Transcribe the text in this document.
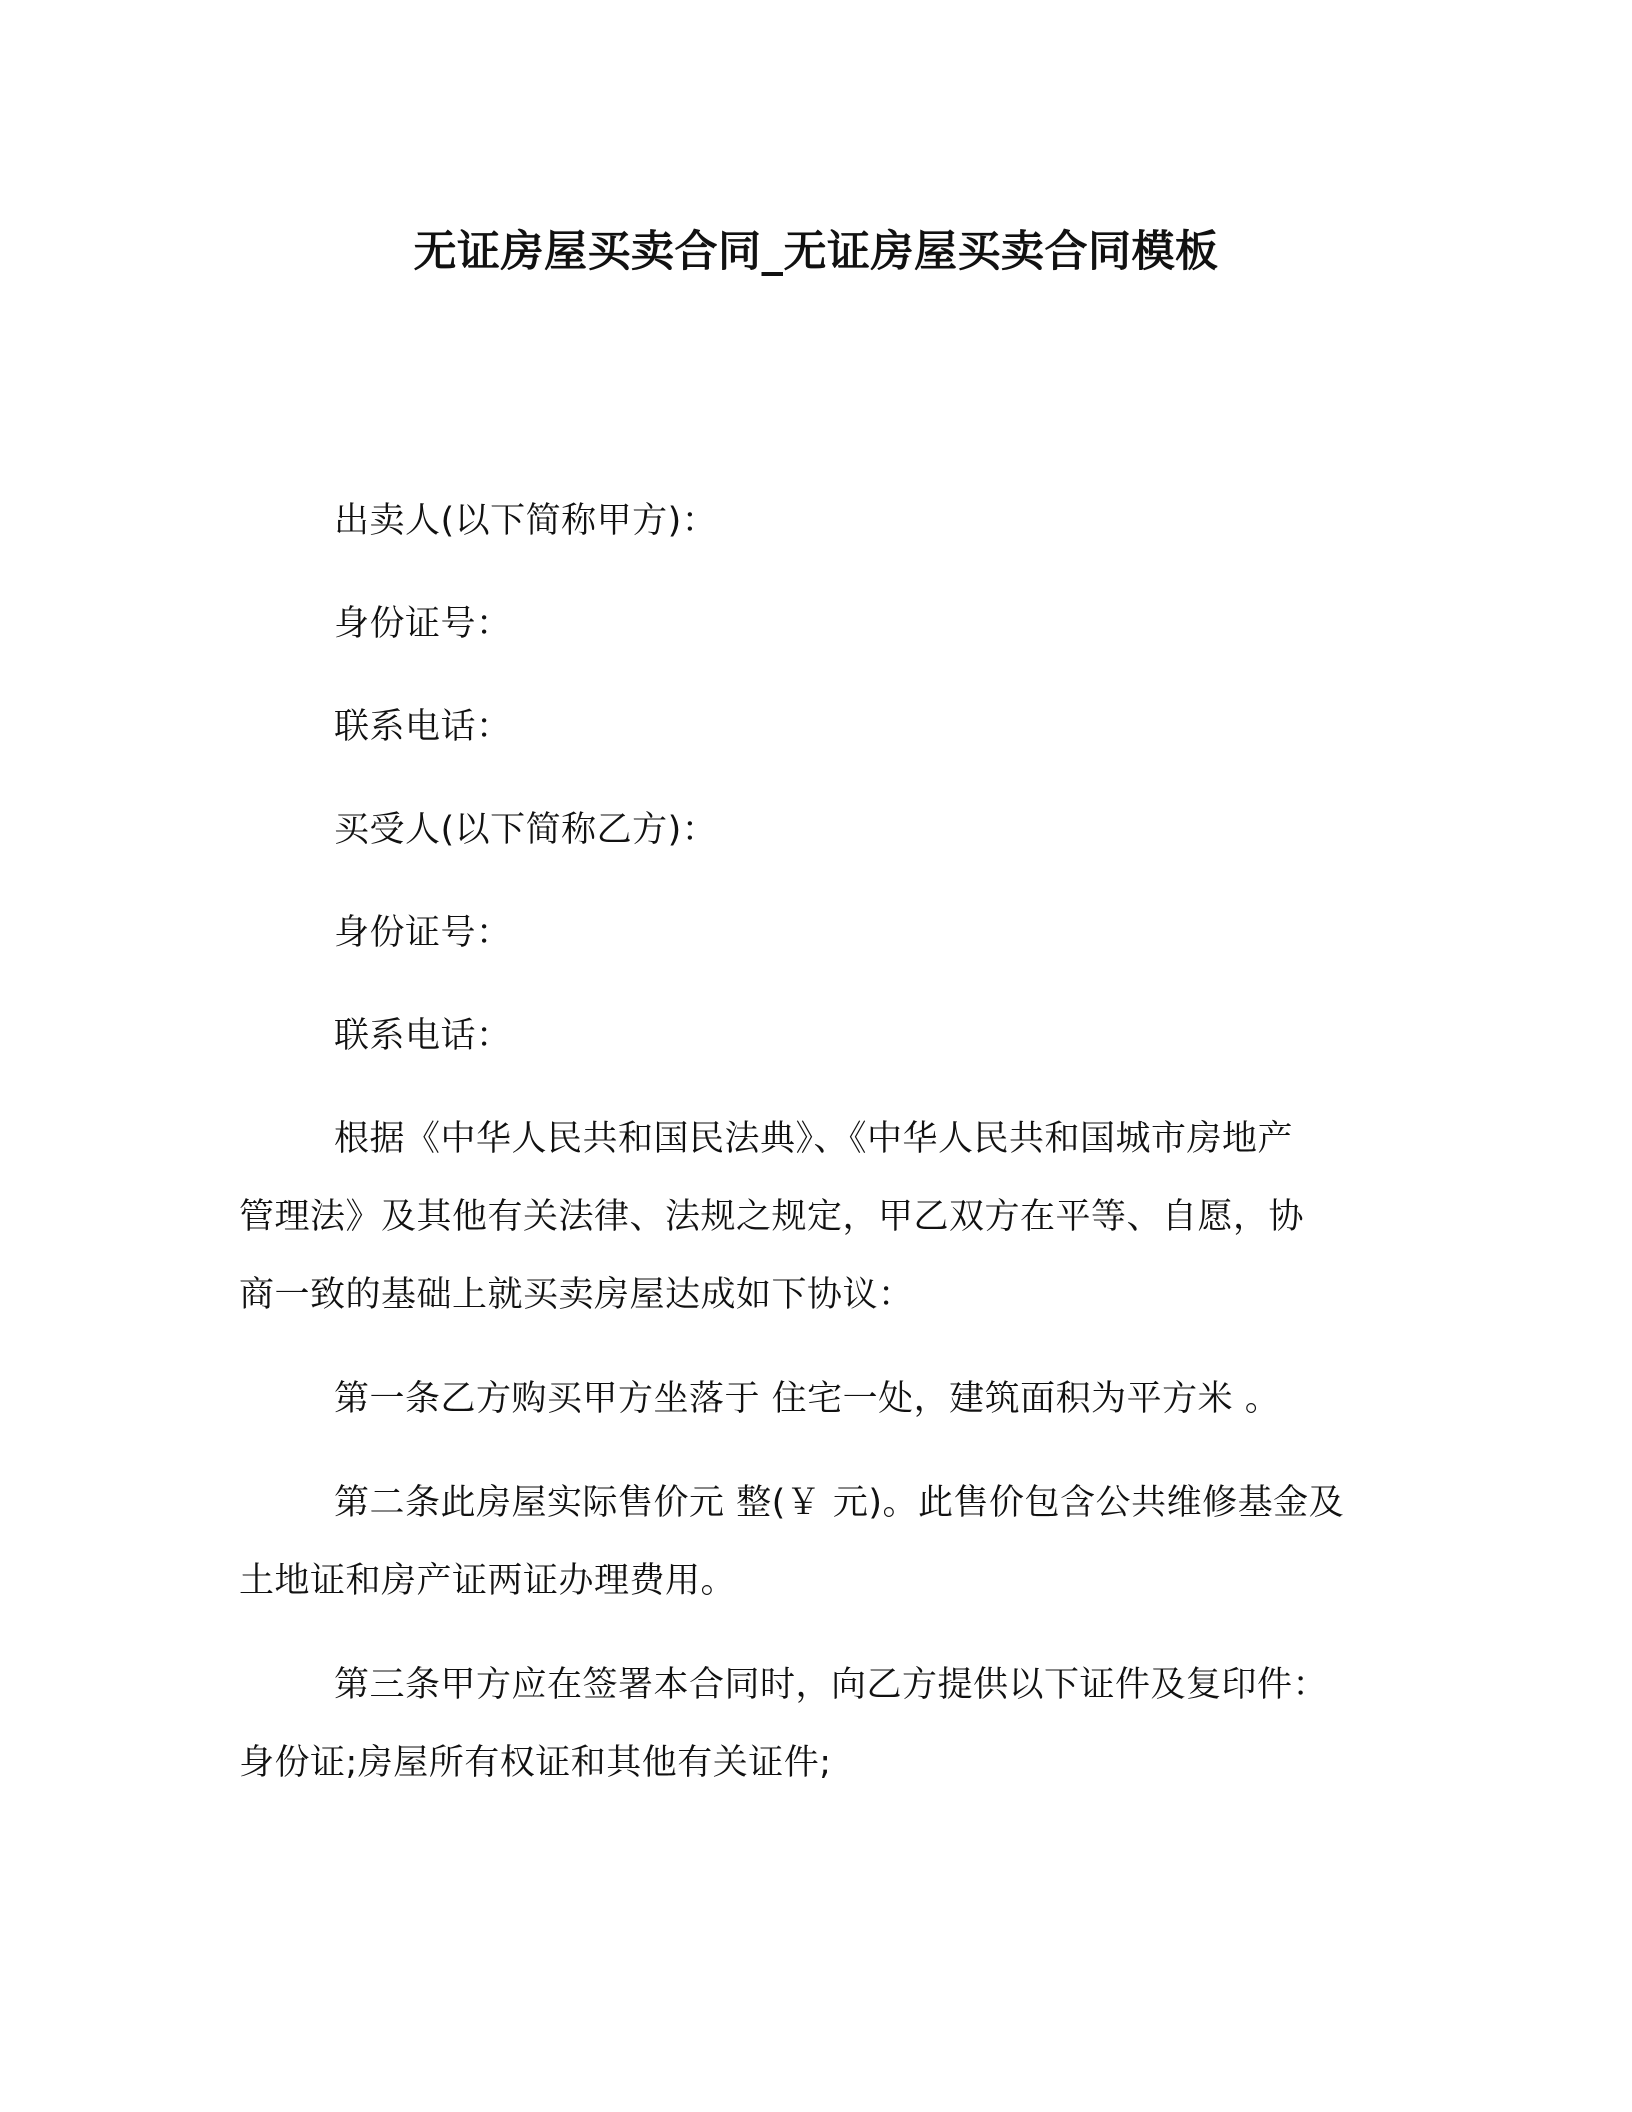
无证房屋买卖合同_无证房屋买卖合同模板
出卖人(以下简称甲方)：
身份证号：
联系电话：
买受人(以下简称乙方)：
身份证号：
联系电话：
根据《中华人民共和国民法典》、《中华人民共和国城市房地产
管理法》及其他有关法律、法规之规定，甲乙双方在平等、自愿，协
商一致的基础上就买卖房屋达成如下协议：
第一条乙方购买甲方坐落于 住宅一处，建筑面积为平方米 。
第二条此房屋实际售价元 整(￥ 元)。此售价包含公共维修基金及
土地证和房产证两证办理费用。
第三条甲方应在签署本合同时，向乙方提供以下证件及复印件：
身份证;房屋所有权证和其他有关证件;
